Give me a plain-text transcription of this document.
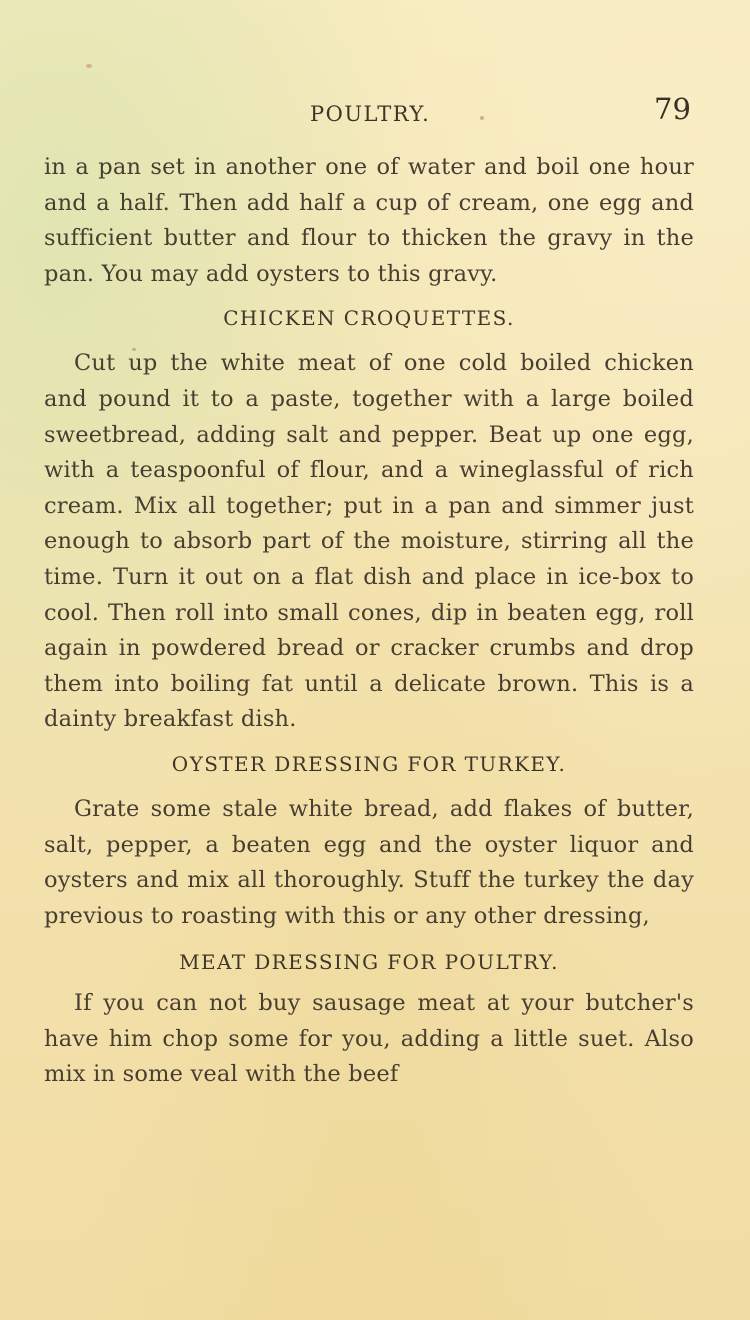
POULTRY.	79

in a pan set in another one of water and boil one hour and a half. Then add half a cup of cream, one egg and sufficient butter and flour to thicken the gravy in the pan. You may add oysters to this gravy.

CHICKEN CROQUETTES.

Cut up the white meat of one cold boiled chicken and pound it to a paste, together with a large boiled sweetbread, adding salt and pepper. Beat up one egg, with a teaspoonful of flour, and a wineglassful of rich cream. Mix all together; put in a pan and simmer just enough to absorb part of the moisture, stirring all the time. Turn it out on a flat dish and place in ice-box to cool. Then roll into small cones, dip in beaten egg, roll again in powdered bread or cracker crumbs and drop them into boiling fat until a delicate brown. This is a dainty breakfast dish.

OYSTER DRESSING FOR TURKEY.

Grate some stale white bread, add flakes of butter, salt, pepper, a beaten egg and the oyster liquor and oysters and mix all thoroughly. Stuff the turkey the day previous to roasting with this or any other dressing,

MEAT DRESSING FOR POULTRY.

If you can not buy sausage meat at your butcher's have him chop some for you, adding a little suet. Also mix in some veal with the beef
